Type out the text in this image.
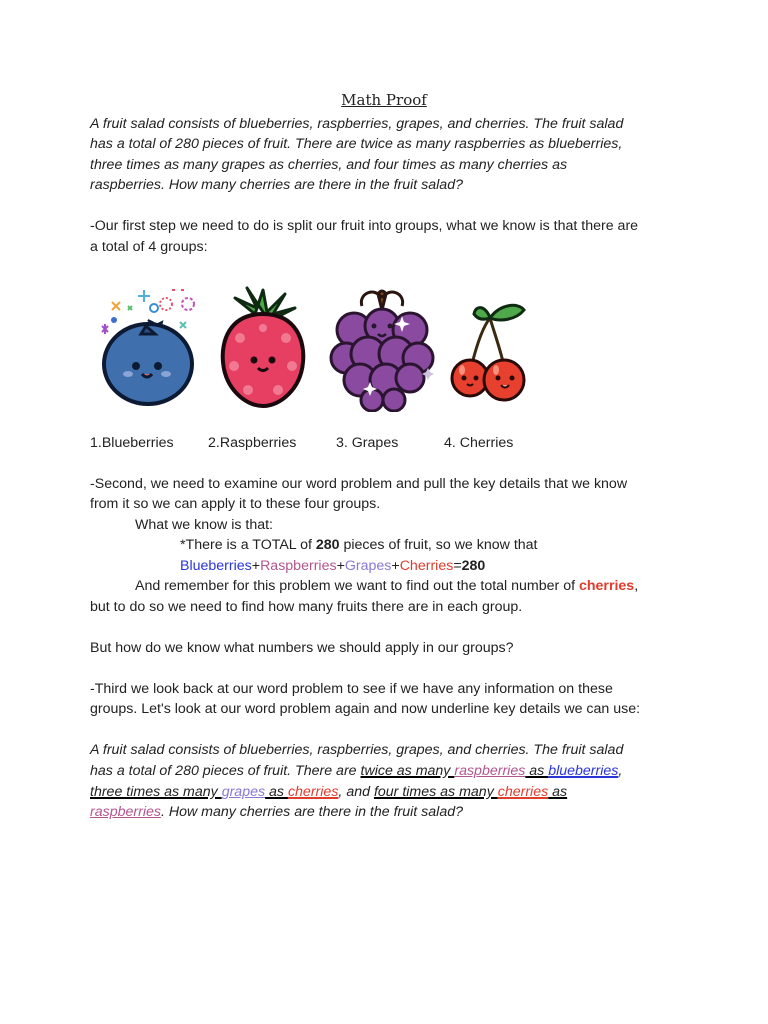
Math Proof
A fruit salad consists of blueberries, raspberries, grapes, and cherries. The fruit salad
has a total of 280 pieces of fruit. There are twice as many raspberries as blueberries,
three times as many grapes as cherries, and four times as many cherries as
raspberries. How many cherries are there in the fruit salad?
-Our first step we need to do is split our fruit into groups, what we know is that there are
a total of 4 groups:
1.Blueberries 2.Raspberries	3. Grapes	4. Cherries
-Second, we need to examine our word problem and pull the key details that we know
from it so we can apply it to these four groups.
What we know is that:
*There is a TOTAL of 280 pieces of fruit, so we know that
Blueberries+Raspberries+Grapes+Cherries=280
And remember for this problem we want to find out the total number of cherries,
but to do so we need to find how many fruits there are in each group.
But how do we know what numbers we should apply in our groups?
-Third we look back at our word problem to see if we have any information on these
groups. Let's look at our word problem again and now underline key details we can use:
A fruit salad consists of blueberries, raspberries, grapes, and cherries. The fruit salad
has a total of 280 pieces of fruit. There are twice as many raspberries as blueberries,
three times as many grapes as cherries, and four times as many cherries as
raspberries. How many cherries are there in the fruit salad?
